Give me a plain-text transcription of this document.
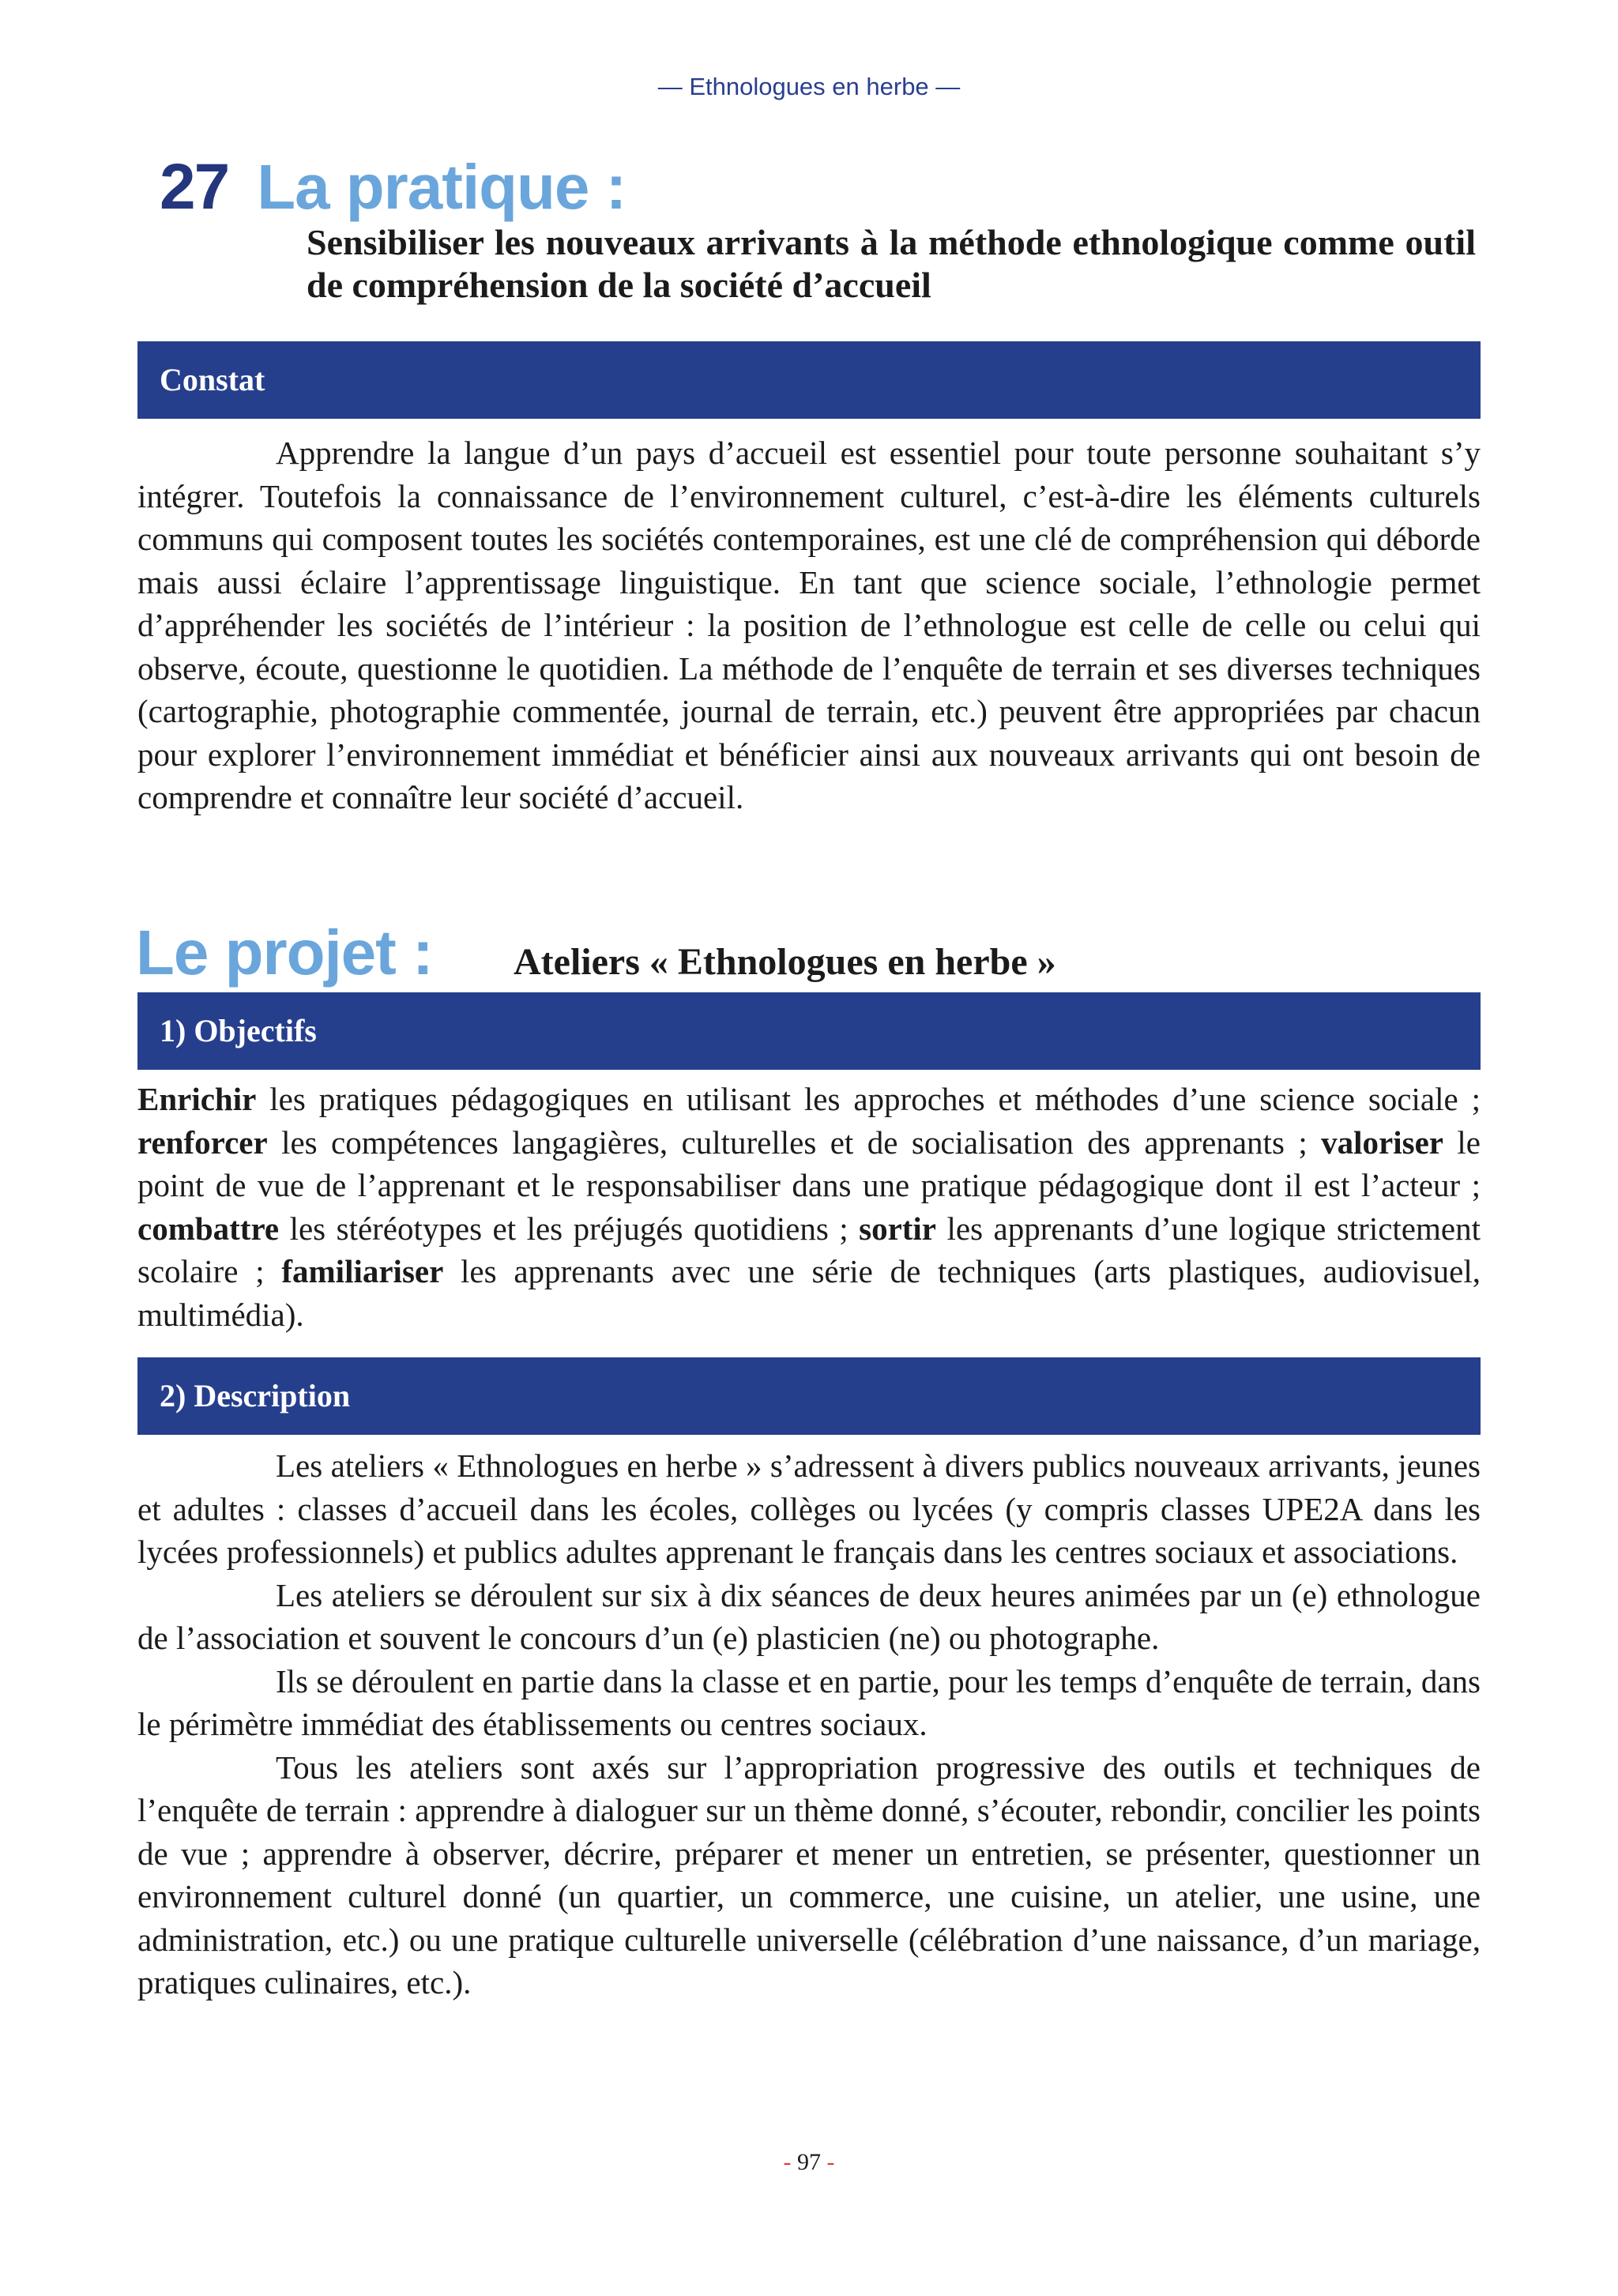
— Ethnologues en herbe —
27 La pratique :
Sensibiliser les nouveaux arrivants à la méthode ethnologique comme outil de compréhension de la société d’accueil
Constat

Apprendre la langue d’un pays d’accueil est essentiel pour toute personne souhaitant s’y intégrer. Toutefois la connaissance de l’environnement culturel, c’est-à-dire les éléments culturels communs qui composent toutes les sociétés contemporaines, est une clé de compréhension qui déborde mais aussi éclaire l’apprentissage linguistique. En tant que science sociale, l’ethnologie permet d’appréhender les sociétés de l’intérieur : la position de l’ethnologue est celle de celle ou celui qui observe, écoute, questionne le quotidien. La méthode de l’enquête de terrain et ses diverses techniques (cartographie, photographie commentée, journal de terrain, etc.) peuvent être appropriées par chacun pour explorer l’environnement immédiat et bénéficier ainsi aux nouveaux arrivants qui ont besoin de comprendre et connaître leur société d’accueil.

Le projet :	Ateliers « Ethnologues en herbe »
1) Objectifs

Enrichir les pratiques pédagogiques en utilisant les approches et méthodes d’une science sociale ; renforcer les compétences langagières, culturelles et de socialisation des apprenants ; valoriser le point de vue de l’apprenant et le responsabiliser dans une pratique pédagogique dont il est l’acteur ; combattre les stéréotypes et les préjugés quotidiens ; sortir les apprenants d’une logique strictement scolaire ; familiariser les apprenants avec une série de techniques (arts plastiques, audiovisuel, multimédia).

2) Description

Les ateliers « Ethnologues en herbe » s’adressent à divers publics nouveaux arrivants, jeunes et adultes : classes d’accueil dans les écoles, collèges ou lycées (y compris classes UPE2A dans les lycées professionnels) et publics adultes apprenant le français dans les centres sociaux et associations.

Les ateliers se déroulent sur six à dix séances de deux heures animées par un (e) ethnologue de l’association et souvent le concours d’un (e) plasticien (ne) ou photographe.

Ils se déroulent en partie dans la classe et en partie, pour les temps d’enquête de terrain, dans le périmètre immédiat des établissements ou centres sociaux.

Tous les ateliers sont axés sur l’appropriation progressive des outils et techniques de l’enquête de terrain : apprendre à dialoguer sur un thème donné, s’écouter, rebondir, concilier les points de vue ; apprendre à observer, décrire, préparer et mener un entretien, se présenter, questionner un environnement culturel donné (un quartier, un commerce, une cuisine, un atelier, une usine, une administration, etc.) ou une pratique culturelle universelle (célébration d’une naissance, d’un mariage, pratiques culinaires, etc.).

- 97 -
